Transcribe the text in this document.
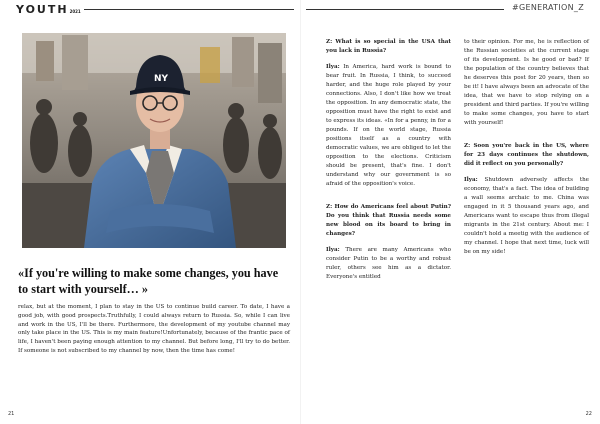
YOUTH2021	#GENERATION_Z
NY
«If you're willing to make some changes, you have to start with yourself… »
relax, but at the moment, I plan to stay in the US to continue build career. To date, I have a good job, with good prospects.Truthfully, I could always return to Russia. So, while I can live and work in the US, I'll be there. Furthermore, the development of my youtube channel may only take place in the US. This is my main feature!Unfortunately, because of the frantic pace of life, I haven't been paying enough attention to my channel. But before long, I'll try to do better. If someone is not subscribed to my channel by now, then the time has come!

Z: What is so special in the USA that you lack in Russia?

Ilya: In America, hard work is bound to bear fruit. In Russia, I think, to succeed harder, and the huge role played by your connections. Also, I don't like how we treat the opposition. In any democratic state, the opposition must have the right to exist and to express its ideas. «In for a penny, in for a pounds. If on the world stage, Russia positions itself as a country with democratic values, we are obliged to let the opposition to the elections. Criticism should be present, that's fine. I don't understand why our government is so afraid of the opposition's voice.

Z: How do Americans feel about Putin? Do you think that Russia needs some new blood on its board to bring in changes?

Ilya: There are many Americans who consider Putin to be a worthy and robust ruler, others see him as a dictator. Everyone's entitled

to their opinion. For me, he is reflection of the Russian societies at the current stage of its development. Is he good or bad? If the population of the country believes that he deserves this post for 20 years, then so be it! I have always been an advocate of the idea, that we have to stop relying on a president and third parties. If you're willing to make some changes, you have to start with yourself!

Z: Soon you're back in the US, where for 23 days continues the shutdown, did it reflect on you personally?

Ilya: Shutdown adversely affects the economy, that's a fact. The idea of building a wall seems archaic to me. China was engaged in it 5 thousand years ago, and Americans want to escape thus from illegal migrants in the 21st century. About me: I couldn't hold a meetig with the audience of my channel. I hope that next time, luck will be on my side!

21	22
